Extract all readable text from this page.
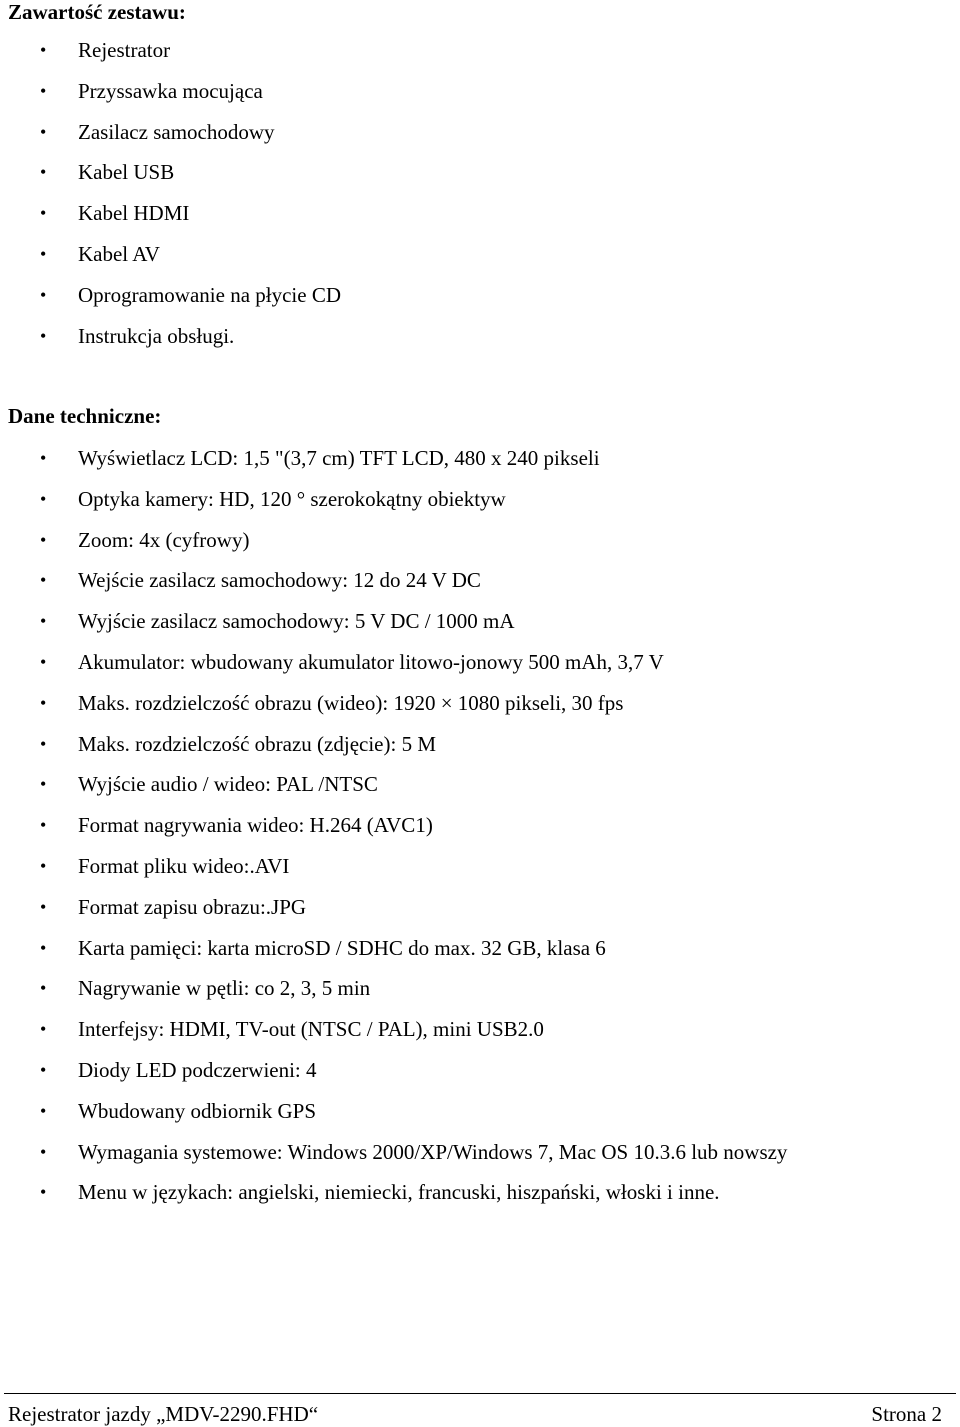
Zawartość zestawu:
• Rejestrator
• Przyssawka mocująca
• Zasilacz samochodowy
• Kabel USB
• Kabel HDMI
• Kabel AV
• Oprogramowanie na płycie CD
• Instrukcja obsługi.
Dane techniczne:
• Wyświetlacz LCD: 1,5 "(3,7 cm) TFT LCD, 480 x 240 pikseli
• Optyka kamery: HD, 120 ° szerokokątny obiektyw
• Zoom: 4x (cyfrowy)
• Wejście zasilacz samochodowy: 12 do 24 V DC
• Wyjście zasilacz samochodowy: 5 V DC / 1000 mA
• Akumulator: wbudowany akumulator litowo-jonowy 500 mAh, 3,7 V
• Maks. rozdzielczość obrazu (wideo): 1920 × 1080 pikseli, 30 fps
• Maks. rozdzielczość obrazu (zdjęcie): 5 M
• Wyjście audio / wideo: PAL /NTSC
• Format nagrywania wideo: H.264 (AVC1)
• Format pliku wideo:.AVI
• Format zapisu obrazu:.JPG
• Karta pamięci: karta microSD / SDHC do max. 32 GB, klasa 6
• Nagrywanie w pętli: co 2, 3, 5 min
• Interfejsy: HDMI, TV-out (NTSC / PAL), mini USB2.0
• Diody LED podczerwieni: 4
• Wbudowany odbiornik GPS
• Wymagania systemowe: Windows 2000/XP/Windows 7, Mac OS 10.3.6 lub nowszy
• Menu w językach: angielski, niemiecki, francuski, hiszpański, włoski i inne.
Rejestrator jazdy „MDV-2290.FHD“	Strona 2
